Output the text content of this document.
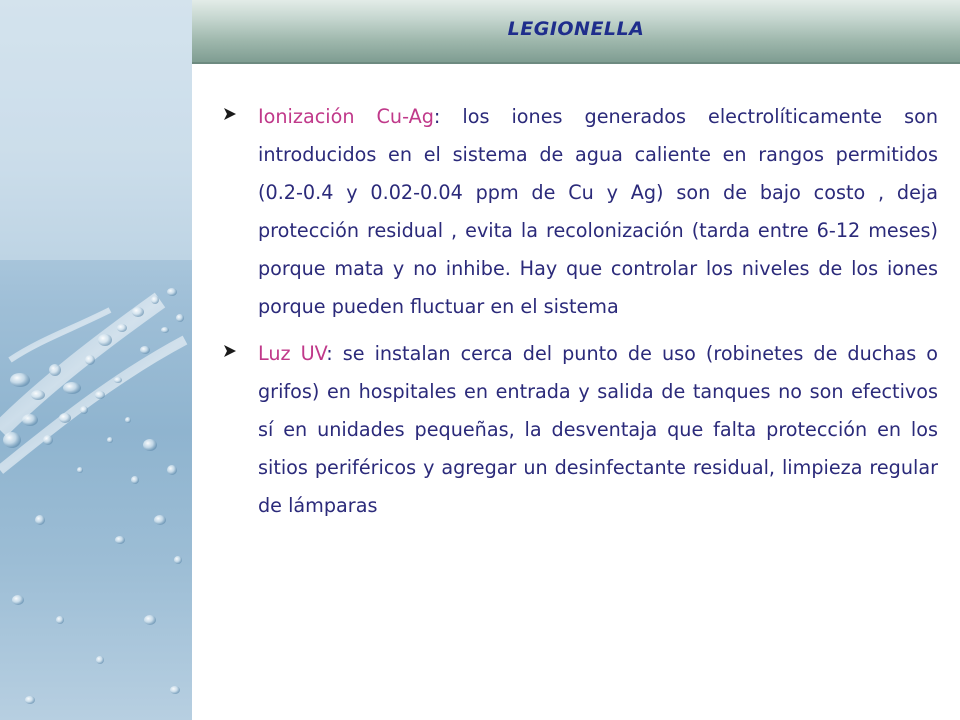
LEGIONELLA

Ionización Cu-Ag: los iones generados electrolíticamente son introducidos en el sistema de agua caliente en rangos permitidos (0.2-0.4 y 0.02-0.04 ppm de Cu y Ag) son de bajo costo , deja protección residual , evita la recolonización (tarda entre 6-12 meses) porque mata y no inhibe. Hay que controlar los niveles de los iones porque pueden fluctuar en el sistema

Luz UV: se instalan cerca del punto de uso (robinetes de duchas o grifos) en hospitales en entrada y salida de tanques no son efectivos sí en unidades pequeñas, la desventaja que falta protección en los sitios periféricos y agregar un desinfectante residual, limpieza regular de lámparas
